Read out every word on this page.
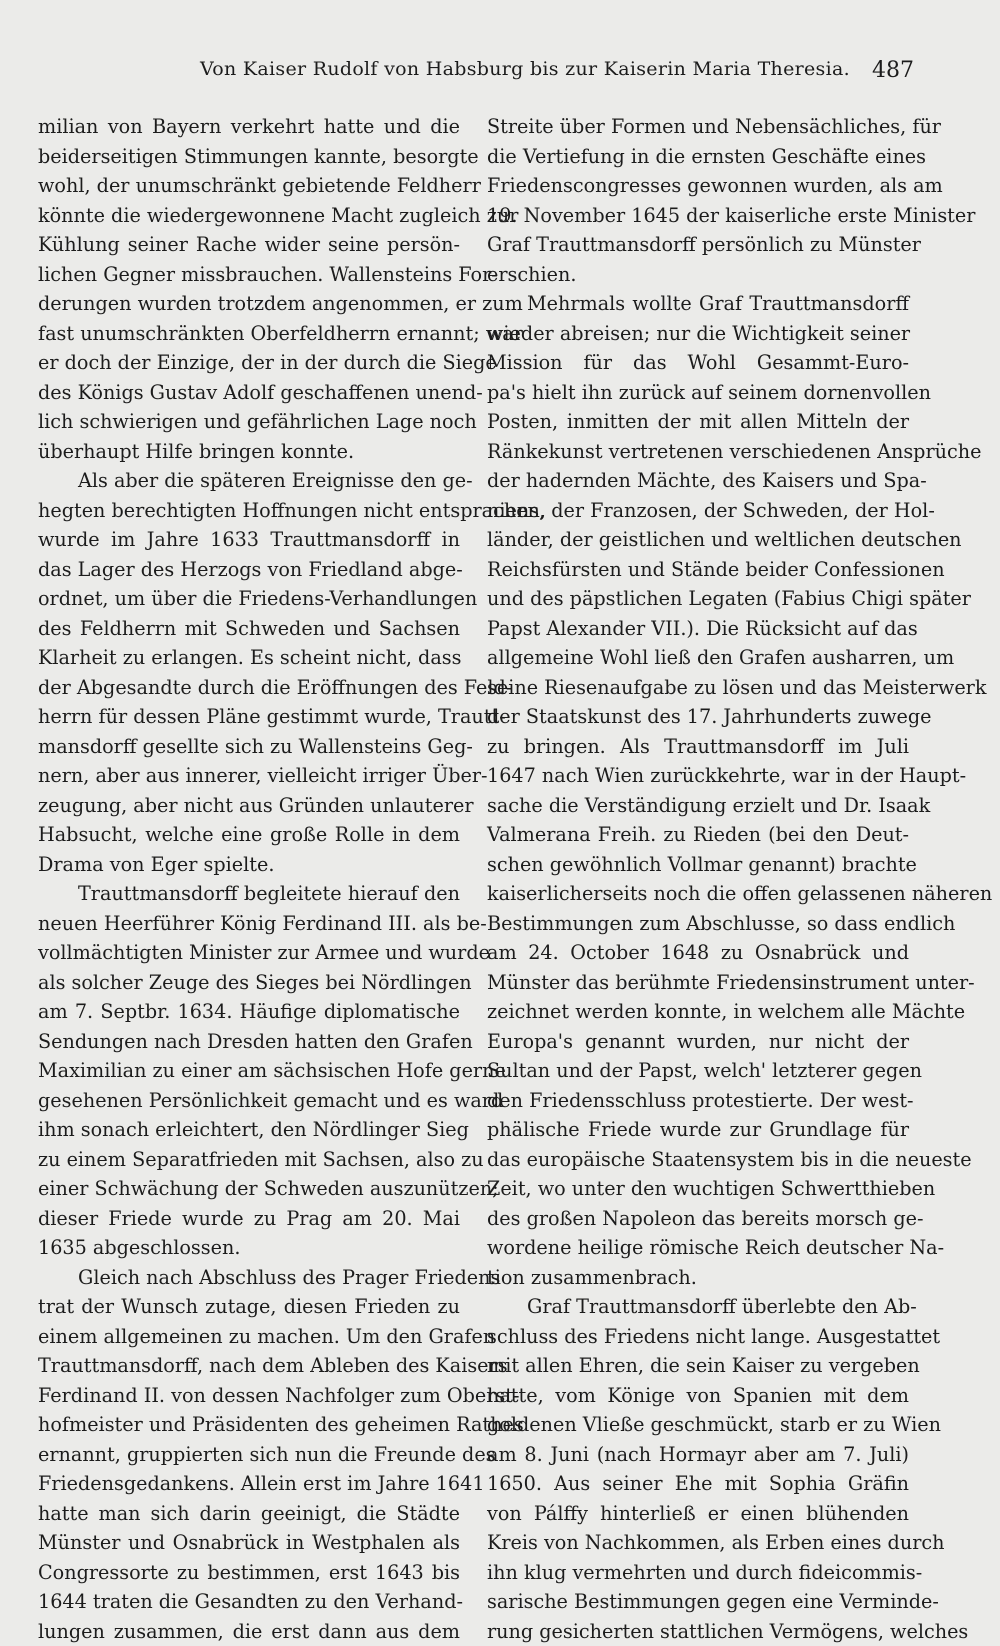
Von Kaiser Rudolf von Habsburg bis zur Kaiserin Maria Theresia. 487
milian von Bayern verkehrt hatte und die
beiderseitigen Stimmungen kannte, besorgte
wohl, der unumschränkt gebietende Feldherr
könnte die wiedergewonnene Macht zugleich zur
Kühlung seiner Rache wider seine persön-
lichen Gegner missbrauchen. Wallensteins For-
derungen wurden trotzdem angenommen, er zum
fast unumschränkten Oberfeldherrn ernannt; war
er doch der Einzige, der in der durch die Siege
des Königs Gustav Adolf geschaffenen unend-
lich schwierigen und gefährlichen Lage noch
überhaupt Hilfe bringen konnte.
Als aber die späteren Ereignisse den ge-
hegten berechtigten Hoffnungen nicht entsprachen,
wurde im Jahre 1633 Trauttmansdorff in
das Lager des Herzogs von Friedland abge-
ordnet, um über die Friedens-Verhandlungen
des Feldherrn mit Schweden und Sachsen
Klarheit zu erlangen. Es scheint nicht, dass
der Abgesandte durch die Eröffnungen des Feld-
herrn für dessen Pläne gestimmt wurde, Trautt-
mansdorff gesellte sich zu Wallensteins Geg-
nern, aber aus innerer, vielleicht irriger Über-
zeugung, aber nicht aus Gründen unlauterer
Habsucht, welche eine große Rolle in dem
Drama von Eger spielte.
Trauttmansdorff begleitete hierauf den
neuen Heerführer König Ferdinand III. als be-
vollmächtigten Minister zur Armee und wurde
als solcher Zeuge des Sieges bei Nördlingen
am 7. Septbr. 1634. Häufige diplomatische
Sendungen nach Dresden hatten den Grafen
Maximilian zu einer am sächsischen Hofe gerne
gesehenen Persönlichkeit gemacht und es ward
ihm sonach erleichtert, den Nördlinger Sieg
zu einem Separatfrieden mit Sachsen, also zu
einer Schwächung der Schweden auszunützen;
dieser Friede wurde zu Prag am 20. Mai
1635 abgeschlossen.
Gleich nach Abschluss des Prager Friedens
trat der Wunsch zutage, diesen Frieden zu
einem allgemeinen zu machen. Um den Grafen
Trauttmansdorff, nach dem Ableben des Kaisers
Ferdinand II. von dessen Nachfolger zum Oberst-
hofmeister und Präsidenten des geheimen Rathes
ernannt, gruppierten sich nun die Freunde des
Friedensgedankens. Allein erst im Jahre 1641
hatte man sich darin geeinigt, die Städte
Münster und Osnabrück in Westphalen als
Congressorte zu bestimmen, erst 1643 bis
1644 traten die Gesandten zu den Verhand-
lungen zusammen, die erst dann aus dem
Streite über Formen und Nebensächliches, für
die Vertiefung in die ernsten Geschäfte eines
Friedenscongresses gewonnen wurden, als am
19. November 1645 der kaiserliche erste Minister
Graf Trauttmansdorff persönlich zu Münster
erschien.
Mehrmals wollte Graf Trauttmansdorff
wieder abreisen; nur die Wichtigkeit seiner
Mission für das Wohl Gesammt-Euro-
pa's hielt ihn zurück auf seinem dornenvollen
Posten, inmitten der mit allen Mitteln der
Ränkekunst vertretenen verschiedenen Ansprüche
der hadernden Mächte, des Kaisers und Spa-
niens, der Franzosen, der Schweden, der Hol-
länder, der geistlichen und weltlichen deutschen
Reichsfürsten und Stände beider Confessionen
und des päpstlichen Legaten (Fabius Chigi später
Papst Alexander VII.). Die Rücksicht auf das
allgemeine Wohl ließ den Grafen ausharren, um
seine Riesenaufgabe zu lösen und das Meisterwerk
der Staatskunst des 17. Jahrhunderts zuwege
zu bringen. Als Trauttmansdorff im Juli
1647 nach Wien zurückkehrte, war in der Haupt-
sache die Verständigung erzielt und Dr. Isaak
Valmerana Freih. zu Rieden (bei den Deut-
schen gewöhnlich Vollmar genannt) brachte
kaiserlicherseits noch die offen gelassenen näheren
Bestimmungen zum Abschlusse, so dass endlich
am 24. October 1648 zu Osnabrück und
Münster das berühmte Friedensinstrument unter-
zeichnet werden konnte, in welchem alle Mächte
Europa's genannt wurden, nur nicht der
Sultan und der Papst, welch' letzterer gegen
den Friedensschluss protestierte. Der west-
phälische Friede wurde zur Grundlage für
das europäische Staatensystem bis in die neueste
Zeit, wo unter den wuchtigen Schwertthieben
des großen Napoleon das bereits morsch ge-
wordene heilige römische Reich deutscher Na-
tion zusammenbrach.
Graf Trauttmansdorff überlebte den Ab-
schluss des Friedens nicht lange. Ausgestattet
mit allen Ehren, die sein Kaiser zu vergeben
hatte, vom Könige von Spanien mit dem
goldenen Vließe geschmückt, starb er zu Wien
am 8. Juni (nach Hormayr aber am 7. Juli)
1650. Aus seiner Ehe mit Sophia Gräfin
von Pálffy hinterließ er einen blühenden
Kreis von Nachkommen, als Erben eines durch
ihn klug vermehrten und durch fideicommis-
sarische Bestimmungen gegen eine Verminde-
rung gesicherten stattlichen Vermögens, welches
